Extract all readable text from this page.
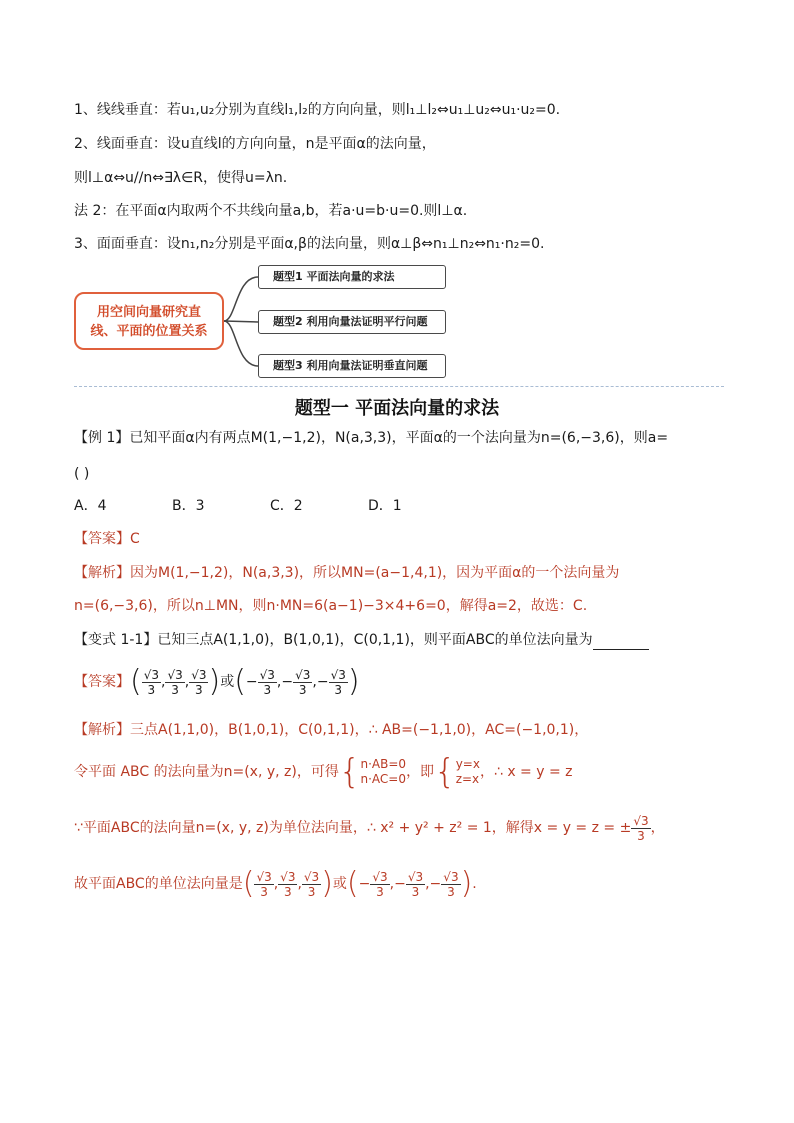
1、线线垂直：若u₁,u₂分别为直线l₁,l₂的方向向量，则l₁⊥l₂⇔u₁⊥u₂⇔u₁·u₂=0.
2、线面垂直：设u直线l的方向向量，n是平面α的法向量，
则l⊥α⇔u//n⇔∃λ∈R，使得u=λn.
法 2：在平面α内取两个不共线向量a,b，若a·u=b·u=0.则l⊥α.
3、面面垂直：设n₁,n₂分别是平面α,β的法向量，则α⊥β⇔n₁⊥n₂⇔n₁·n₂=0.
用空间向量研究直
线、平面的位置关系
题型1 平面法向量的求法
题型2 利用向量法证明平行问题
题型3 利用向量法证明垂直问题
题型一 平面法向量的求法
【例 1】已知平面α内有两点M(1,−1,2)，N(a,3,3)，平面α的一个法向量为n=(6,−3,6)，则a=
( )
A．4	B．3	C．2	D．1
【答案】C
【解析】因为M(1,−1,2)，N(a,3,3)，所以MN=(a−1,4,1)，因为平面α的一个法向量为
n=(6,−3,6)，所以n⊥MN，则n·MN=6(a−1)−3×4+6=0，解得a=2，故选：C.
【变式 1-1】已知三点A(1,1,0)，B(1,0,1)，C(0,1,1)，则平面ABC的单位法向量为
【答案】( $\frac{√3}{3}$ , $\frac{√3}{3}$ , $\frac{√3}{3}$ )或(− $\frac{√3}{3}$ ,− $\frac{√3}{3}$ ,− $\frac{√3}{3}$ )
【解析】三点A(1,1,0)，B(1,0,1)，C(0,1,1)，∴ AB=(−1,1,0)，AC=(−1,0,1)，
令平面 ABC 的法向量为n=(x, y, z)，可得{n·AB=0
n·AC=0，即{y=x
z=x，∴ x = y = z
∵平面ABC的法向量n=(x, y, z)为单位法向量，∴ x² + y² + z² = 1，解得x = y = z = ± $\frac{√3}{3}$ ，
故平面ABC的单位法向量是( $\frac{√3}{3}$ , $\frac{√3}{3}$ , $\frac{√3}{3}$ )或(− $\frac{√3}{3}$ ,− $\frac{√3}{3}$ ,− $\frac{√3}{3}$ ).
